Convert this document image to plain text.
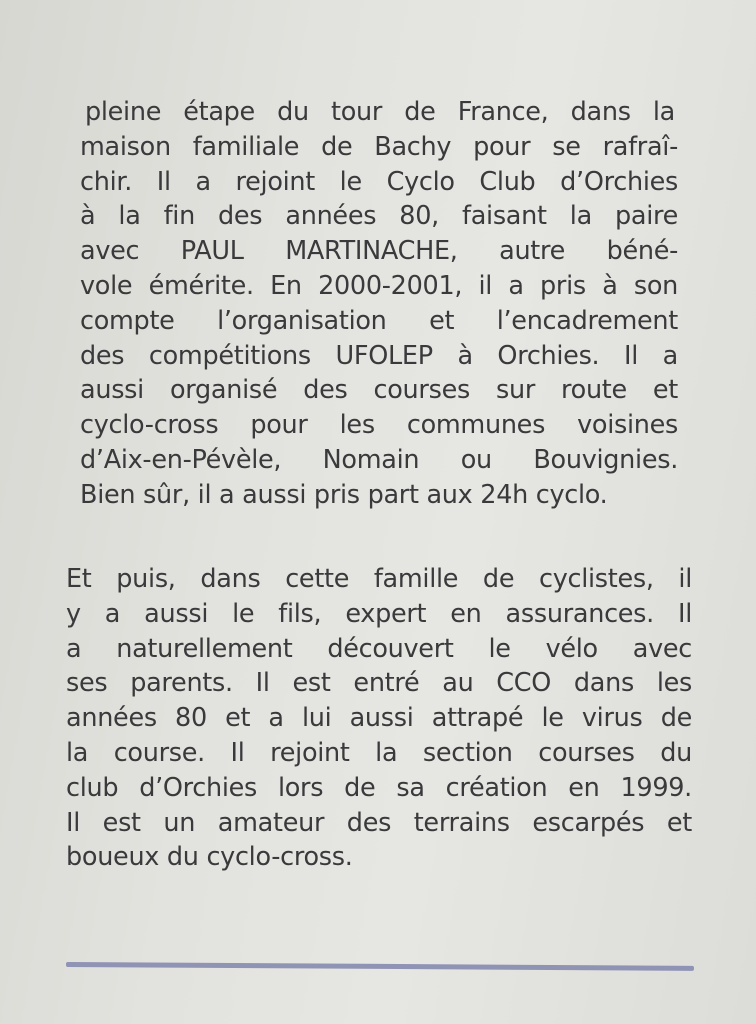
pleine étape du tour de France, dans la
maison familiale de Bachy pour se rafraî-
chir. Il a rejoint le Cyclo Club d’Orchies
à la fin des années 80, faisant la paire
avec PAUL MARTINACHE, autre béné-
vole émérite. En 2000-2001, il a pris à son
compte l’organisation et l’encadrement
des compétitions UFOLEP à Orchies. Il a
aussi organisé des courses sur route et
cyclo-cross pour les communes voisines
d’Aix-en-Pévèle, Nomain ou Bouvignies.
Bien sûr, il a aussi pris part aux 24h cyclo.

Et puis, dans cette famille de cyclistes, il
y a aussi le fils, expert en assurances. Il
a naturellement découvert le vélo avec
ses parents. Il est entré au CCO dans les
années 80 et a lui aussi attrapé le virus de
la course. Il rejoint la section courses du
club d’Orchies lors de sa création en 1999.
Il est un amateur des terrains escarpés et
boueux du cyclo-cross.
